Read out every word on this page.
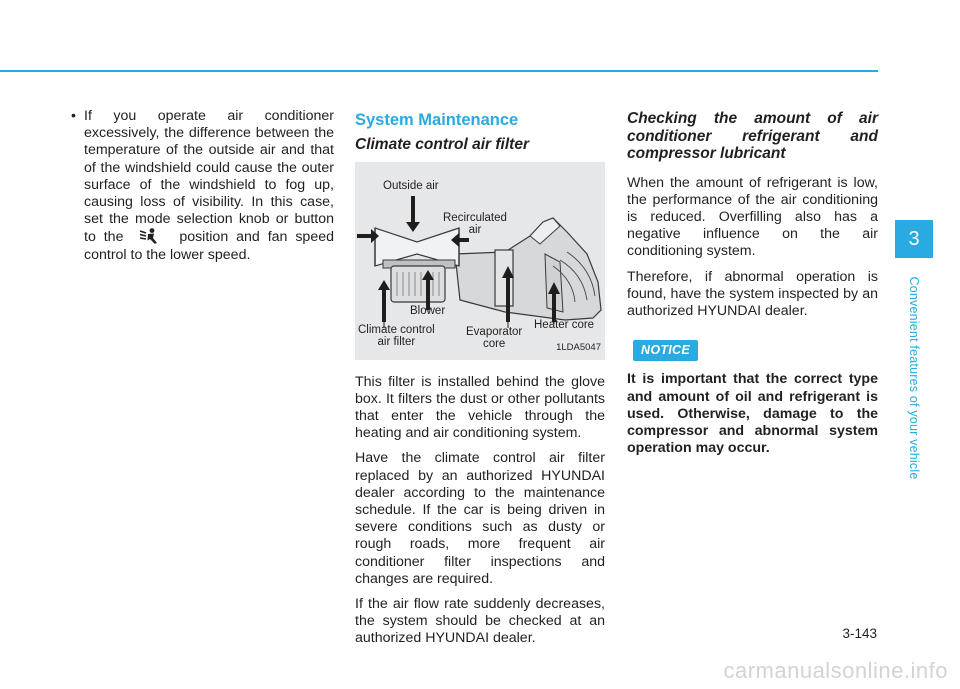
• If you operate air conditioner excessively, the difference between the temperature of the outside air and that of the windshield could cause the outer surface of the windshield to fog up, causing loss of visibility. In this case, set the mode selection knob or button to the	position and fan speed control to the lower speed.
System Maintenance
Climate control air filter
Outside air
Recirculated
air
Blower
Climate control
air filter
Evaporator
core
Heater core
1LDA5047

This filter is installed behind the glove box. It filters the dust or other pollutants that enter the vehicle through the heating and air conditioning system.

Have the climate control air filter replaced by an authorized HYUNDAI dealer according to the maintenance schedule. If the car is being driven in severe conditions such as dusty or rough roads, more frequent air conditioner filter inspections and changes are required.

If the air flow rate suddenly decreases, the system should be checked at an authorized HYUNDAI dealer.

Checking the amount of air conditioner refrigerant and compressor lubricant

When the amount of refrigerant is low, the performance of the air conditioning is reduced. Overfilling also has a negative influence on the air conditioning system.

Therefore, if abnormal operation is found, have the system inspected by an authorized HYUNDAI dealer.

NOTICE
It is important that the correct type and amount of oil and refrigerant is used. Otherwise, damage to the compressor and abnormal system operation may occur.
3
Convenient features of your vehicle
3-143
carmanualsonline.info
